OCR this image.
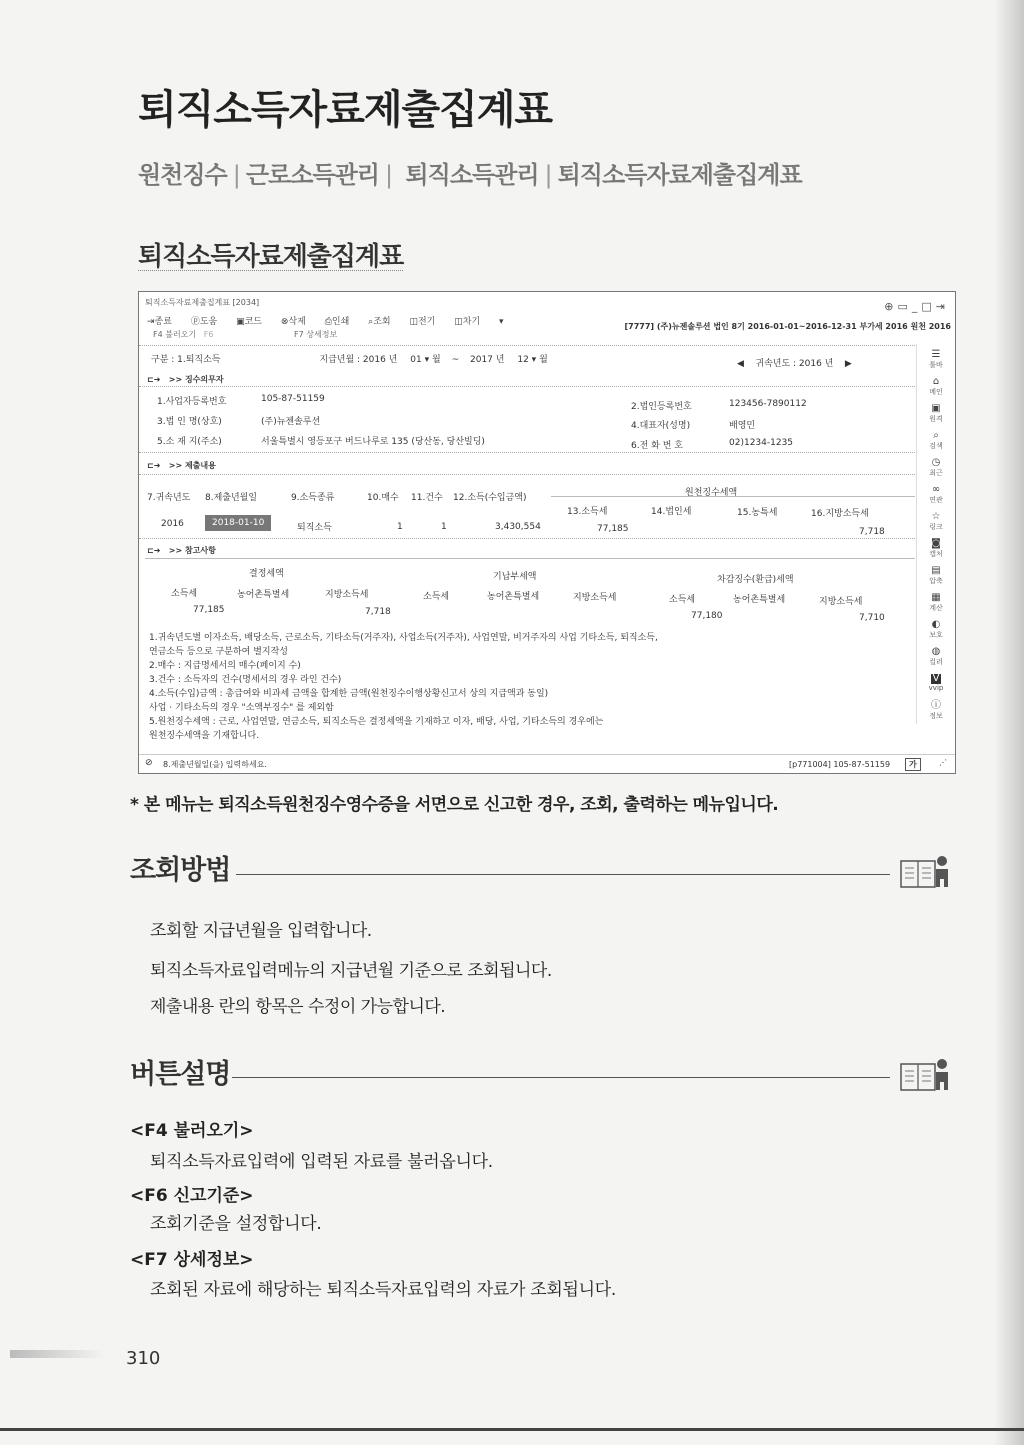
퇴직소득자료제출집계표
원천징수 | 근로소득관리 | 퇴직소득관리 | 퇴직소득자료제출집계표
퇴직소득자료제출집계표
퇴직소득자료제출집계표 [2034]	⊕▭_□⇥
⇥종료 ⓟ도움 ▣코드 ⊗삭제 ⎙인쇄 ⌕조회 ◫전기 ◫차기 ▾
F4 불러오기 F6	F7 상세정보
[7777] (주)뉴젠솔루션 법인 8기 2016-01-01~2016-12-31 부가세 2016 원천 2016
구분 : 1.퇴직소득	지급년월 : 2016 년 01 ▾ 월 ~ 2017 년 12 ▾ 월	◀ 귀속년도 : 2016 년 ▶
⊏➜ >> 징수의무자
1.사업자등록번호	105-87-51159
3.법 인 명(상호)	(주)뉴젠솔루션
5.소 재 지(주소)	서울특별시 영등포구 버드나루로 135 (당산동, 당산빌딩)
2.법인등록번호	123456-7890112
4.대표자(성명)	배영민
6.전 화 번 호	02)1234-1235
⊏➜ >> 제출내용
7.귀속년도 8.제출년월일	9.소득종류	10.매수 11.건수 12.소득(수입금액)	원천징수세액
13.소득세	14.법인세	15.농특세	16.지방소득세
2016	2018-01-10	퇴직소득	1	1	3,430,554	77,185	7,718
⊏➜ >> 참고사항
결정세액	기납부세액	차감징수(환급)세액
소득세	농어촌특별세	지방소득세	소득세	농어촌특별세	지방소득세	소득세	농어촌특별세	지방소득세
77,185	7,718	77,180	7,710
1.귀속년도별 이자소득, 배당소득, 근로소득, 기타소득(거주자), 사업소득(거주자), 사업연말, 비거주자의 사업 기타소득, 퇴직소득,
연금소득 등으로 구분하여 별지작성
2.매수 : 지급명세서의 매수(페이지 수)
3.건수 : 소득자의 건수(명세서의 경우 라인 건수)
4.소득(수입)금액 : 총급여와 비과세 금액을 합계한 금액(원천징수이행상황신고서 상의 지급액과 동일)
사업 · 기타소득의 경우 "소액부징수" 를 제외함
5.원천징수세액 : 근로, 사업연말, 연금소득, 퇴직소득은 결정세액을 기재하고 이자, 배당, 사업, 기타소득의 경우에는
원천징수세액을 기재합니다.
☰
툴바
⌂
메인
▣
원격
⌕
검색
◷
최근
∞
연관
☆
링크
◙
캡처
▤
압축
▦
계산
◐
보호
◍
컬러
V
vvip
ⓘ
정보
⊘ 8.제출년월일(을) 입력하세요.	[p771004] 105-87-51159	가	⋰
* 본 메뉴는 퇴직소득원천징수영수증을 서면으로 신고한 경우, 조회, 출력하는 메뉴입니다.
조회방법
조회할 지급년월을 입력합니다.
퇴직소득자료입력메뉴의 지급년월 기준으로 조회됩니다.
제출내용 란의 항목은 수정이 가능합니다.
버튼설명
<F4 불러오기>
퇴직소득자료입력에 입력된 자료를 불러옵니다.
<F6 신고기준>
조회기준을 설정합니다.
<F7 상세정보>
조회된 자료에 해당하는 퇴직소득자료입력의 자료가 조회됩니다.
310
